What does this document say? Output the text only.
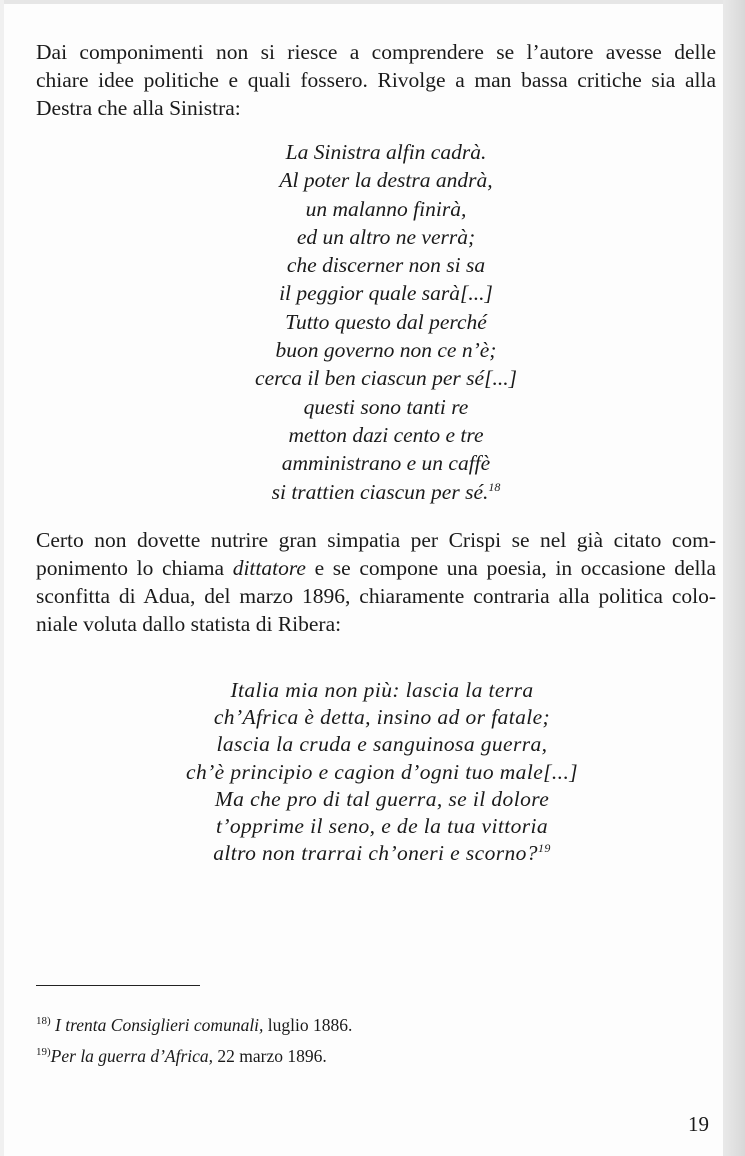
Dai componimenti non si riesce a comprendere se l’autore avesse delle
chiare idee politiche e quali fossero. Rivolge a man bassa critiche sia alla
Destra che alla Sinistra:
La Sinistra alfin cadrà.
Al poter la destra andrà,
un malanno finirà,
ed un altro ne verrà;
che discerner non si sa
il peggior quale sarà[...]
Tutto questo dal perché
buon governo non ce n’è;
cerca il ben ciascun per sé[...]
questi sono tanti re
metton dazi cento e tre
amministrano e un caffè
si trattien ciascun per sé.$^{18}$
Certo non dovette nutrire gran simpatia per Crispi se nel già citato com-
ponimento lo chiama dittatore e se compone una poesia, in occasione della
sconfitta di Adua, del marzo 1896, chiaramente contraria alla politica colo-
niale voluta dallo statista di Ribera:
Italia mia non più: lascia la terra
ch’Africa è detta, insino ad or fatale;
lascia la cruda e sanguinosa guerra,
ch’è principio e cagion d’ogni tuo male[...]
Ma che pro di tal guerra, se il dolore
t’opprime il seno, e de la tua vittoria
altro non trarrai ch’oneri e scorno?$^{19}$
$^{18)}$ I trenta Consiglieri comunali, luglio 1886.
$^{19)}$Per la guerra d’Africa, 22 marzo 1896.
19
